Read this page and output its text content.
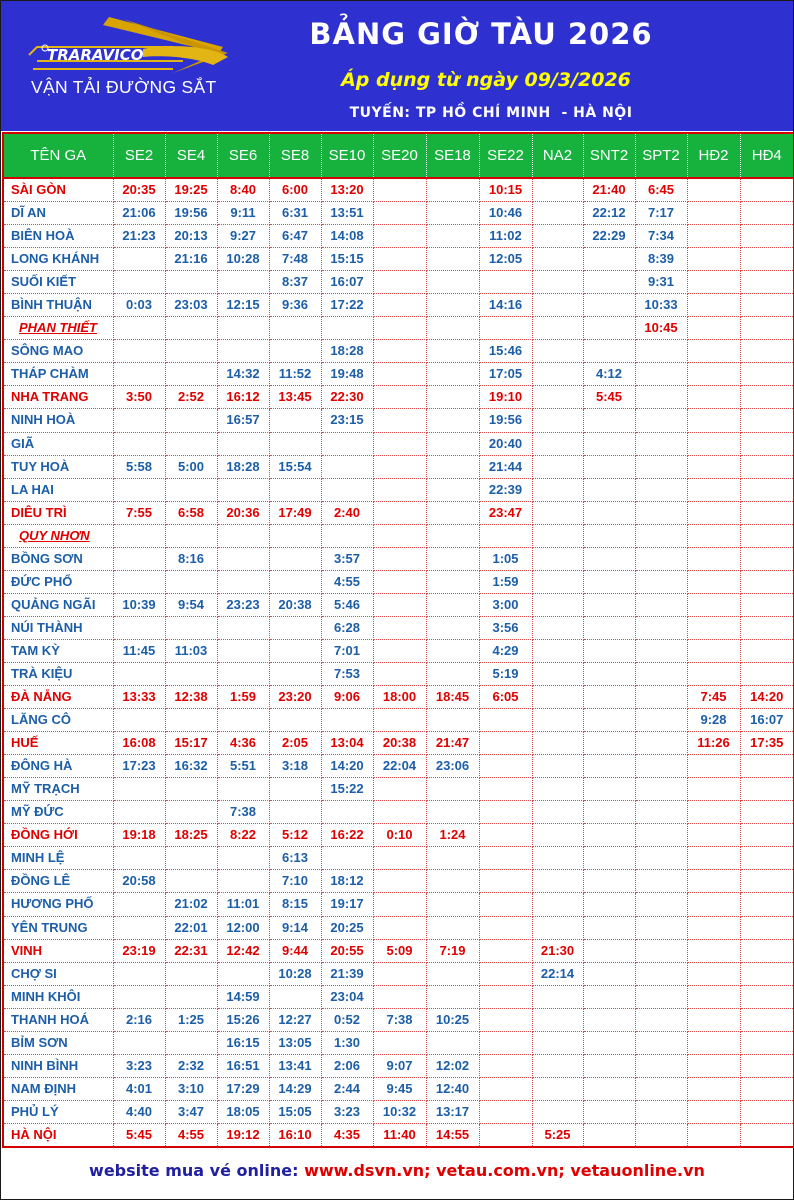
TRARAVICO
VẬN TẢI ĐƯỜNG SẮT
BẢNG GIỜ TÀU 2026
Áp dụng từ ngày 09/3/2026
TUYẾN: TP HỒ CHÍ MINH  - HÀ NỘI
TÊN GA	SE2	SE4	SE6	SE8	SE10	SE20	SE18	SE22	NA2	SNT2	SPT2	HĐ2	HĐ4
SÀI GÒN	20:35	19:25	8:40	6:00	13:20			10:15		21:40	6:45		
DĨ AN	21:06	19:56	9:11	6:31	13:51			10:46		22:12	7:17		
BIÊN HOÀ	21:23	20:13	9:27	6:47	14:08			11:02		22:29	7:34		
LONG KHÁNH		21:16	10:28	7:48	15:15			12:05			8:39		
SUỐI KIẾT				8:37	16:07						9:31		
BÌNH THUẬN	0:03	23:03	12:15	9:36	17:22			14:16			10:33		
PHAN THIẾT											10:45		
SÔNG MAO					18:28			15:46					
THÁP CHÀM			14:32	11:52	19:48			17:05		4:12			
NHA TRANG	3:50	2:52	16:12	13:45	22:30			19:10		5:45			
NINH HOÀ			16:57		23:15			19:56					
GIÃ								20:40					
TUY HOÀ	5:58	5:00	18:28	15:54				21:44					
LA HAI								22:39					
DIÊU TRÌ	7:55	6:58	20:36	17:49	2:40			23:47					
QUY NHƠN													
BỒNG SƠN		8:16			3:57			1:05					
ĐỨC PHỔ					4:55			1:59					
QUẢNG NGÃI	10:39	9:54	23:23	20:38	5:46			3:00					
NÚI THÀNH					6:28			3:56					
TAM KỲ	11:45	11:03			7:01			4:29					
TRÀ KIỆU					7:53			5:19					
ĐÀ NẴNG	13:33	12:38	1:59	23:20	9:06	18:00	18:45	6:05				7:45	14:20
LĂNG CÔ												9:28	16:07
HUẾ	16:08	15:17	4:36	2:05	13:04	20:38	21:47					11:26	17:35
ĐÔNG HÀ	17:23	16:32	5:51	3:18	14:20	22:04	23:06						
MỸ TRẠCH					15:22								
MỸ ĐỨC			7:38										
ĐỒNG HỚI	19:18	18:25	8:22	5:12	16:22	0:10	1:24						
MINH LỆ				6:13									
ĐỒNG LÊ	20:58			7:10	18:12								
HƯƠNG PHỐ		21:02	11:01	8:15	19:17								
YÊN TRUNG		22:01	12:00	9:14	20:25								
VINH	23:19	22:31	12:42	9:44	20:55	5:09	7:19		21:30				
CHỢ SI				10:28	21:39				22:14				
MINH KHÔI			14:59		23:04								
THANH HOÁ	2:16	1:25	15:26	12:27	0:52	7:38	10:25						
BỈM SƠN			16:15	13:05	1:30								
NINH BÌNH	3:23	2:32	16:51	13:41	2:06	9:07	12:02						
NAM ĐỊNH	4:01	3:10	17:29	14:29	2:44	9:45	12:40						
PHỦ LÝ	4:40	3:47	18:05	15:05	3:23	10:32	13:17						
HÀ NỘI	5:45	4:55	19:12	16:10	4:35	11:40	14:55		5:25				
website mua vé online: www.dsvn.vn; vetau.com.vn; vetauonline.vn
